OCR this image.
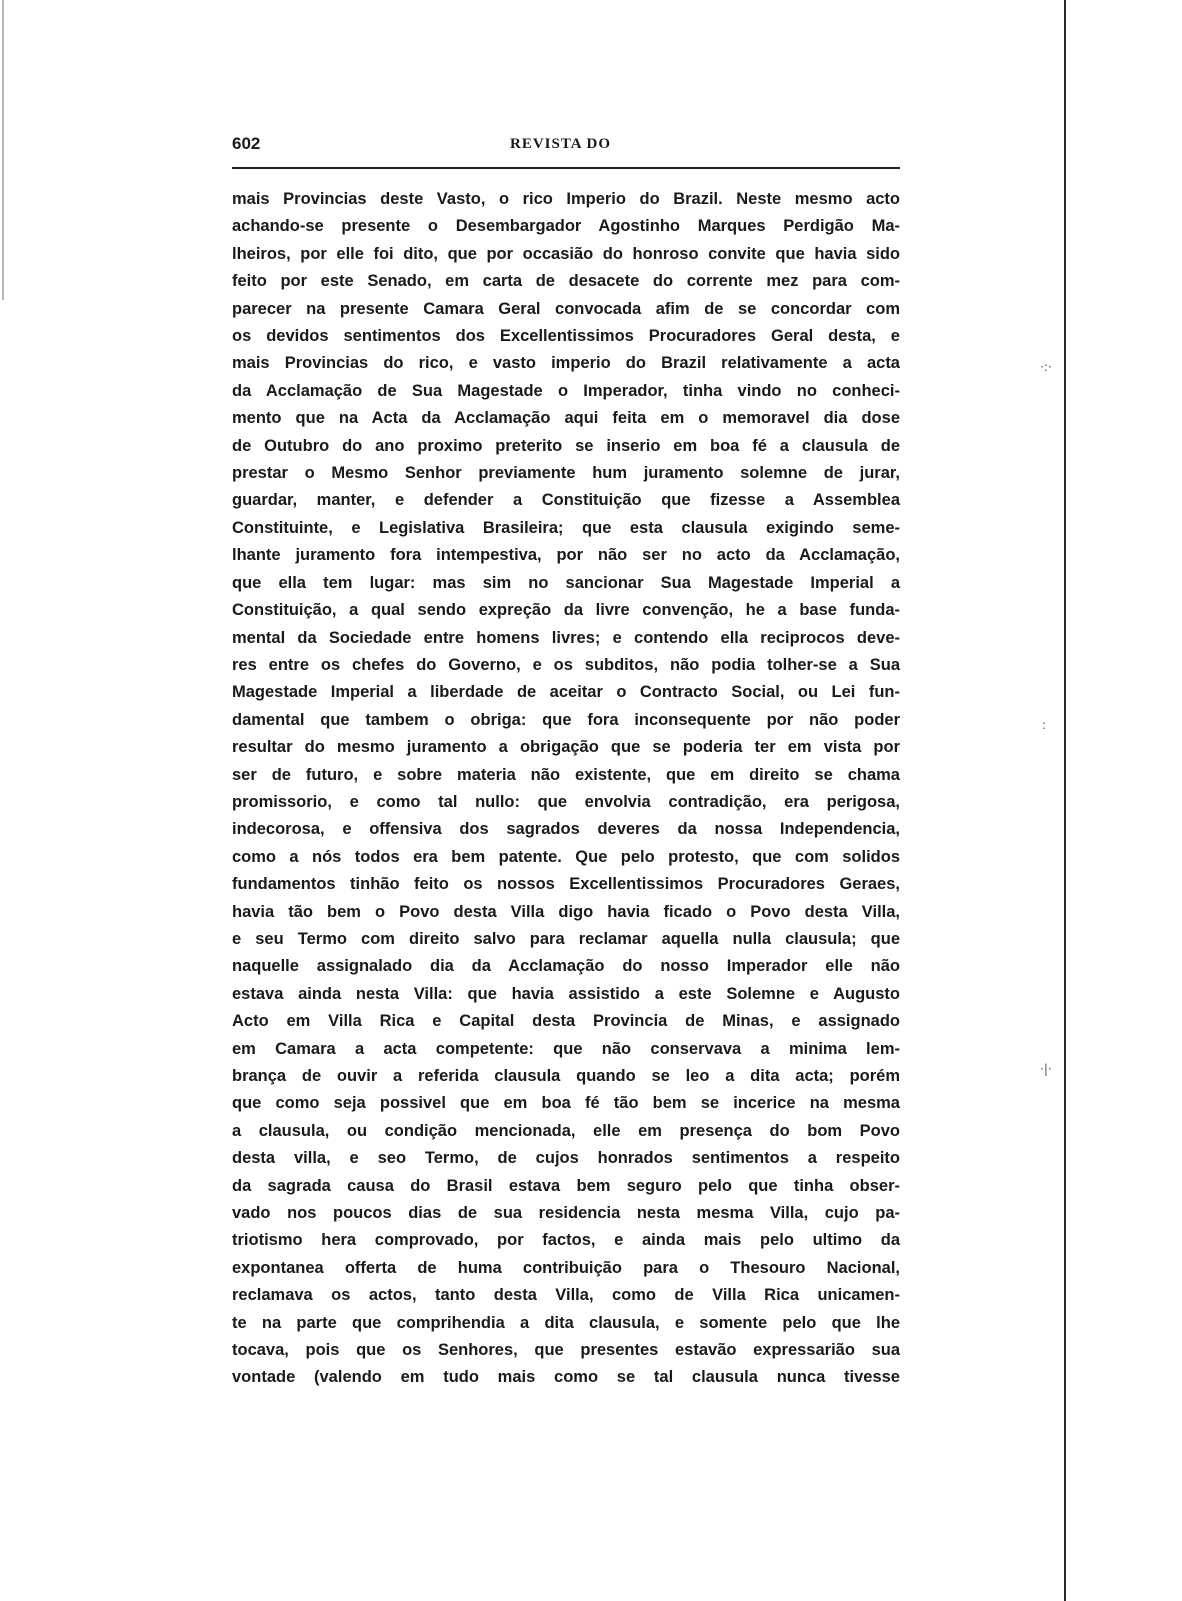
602	REVISTA DO
mais Provincias deste Vasto, o rico Imperio do Brazil. Neste mesmo acto
achando-se presente o Desembargador Agostinho Marques Perdigão Ma-
lheiros, por elle foi dito, que por occasião do honroso convite que havia sido
feito por este Senado, em carta de desacete do corrente mez para com-
parecer na presente Camara Geral convocada afim de se concordar com
os devidos sentimentos dos Excellentissimos Procuradores Geral desta, e
mais Provincias do rico, e vasto imperio do Brazil relativamente a acta
da Acclamação de Sua Magestade o Imperador, tinha vindo no conheci-
mento que na Acta da Acclamação aqui feita em o memoravel dia dose
de Outubro do ano proximo preterito se inserio em boa fé a clausula de
prestar o Mesmo Senhor previamente hum juramento solemne de jurar,
guardar, manter, e defender a Constituição que fizesse a Assemblea
Constituinte, e Legislativa Brasileira; que esta clausula exigindo seme-
lhante juramento fora intempestiva, por não ser no acto da Acclamação,
que ella tem lugar: mas sim no sancionar Sua Magestade Imperial a
Constituição, a qual sendo expreção da livre convenção, he a base funda-
mental da Sociedade entre homens livres; e contendo ella reciprocos deve-
res entre os chefes do Governo, e os subditos, não podia tolher-se a Sua
Magestade Imperial a liberdade de aceitar o Contracto Social, ou Lei fun-
damental que tambem o obriga: que fora inconsequente por não poder
resultar do mesmo juramento a obrigação que se poderia ter em vista por
ser de futuro, e sobre materia não existente, que em direito se chama
promissorio, e como tal nullo: que envolvia contradição, era perigosa,
indecorosa, e offensiva dos sagrados deveres da nossa Independencia,
como a nós todos era bem patente. Que pelo protesto, que com solidos
fundamentos tinhão feito os nossos Excellentissimos Procuradores Geraes,
havia tão bem o Povo desta Villa digo havia ficado o Povo desta Villa,
e seu Termo com direito salvo para reclamar aquella nulla clausula; que
naquelle assignalado dia da Acclamação do nosso Imperador elle não
estava ainda nesta Villa: que havia assistido a este Solemne e Augusto
Acto em Villa Rica e Capital desta Provincia de Minas, e assignado
em Camara a acta competente: que não conservava a minima lem-
brança de ouvir a referida clausula quando se leo a dita acta; porém
que como seja possivel que em boa fé tão bem se incerice na mesma
a clausula, ou condição mencionada, elle em presença do bom Povo
desta villa, e seo Termo, de cujos honrados sentimentos a respeito
da sagrada causa do Brasil estava bem seguro pelo que tinha obser-
vado nos poucos dias de sua residencia nesta mesma Villa, cujo pa-
triotismo hera comprovado, por factos, e ainda mais pelo ultimo da
expontanea offerta de huma contribuição para o Thesouro Nacional,
reclamava os actos, tanto desta Villa, como de Villa Rica unicamen-
te na parte que comprihendia a dita clausula, e somente pelo que lhe
tocava, pois que os Senhores, que presentes estavão expressarião sua
vontade (valendo em tudo mais como se tal clausula nunca tivesse
·:·
:
·|·
